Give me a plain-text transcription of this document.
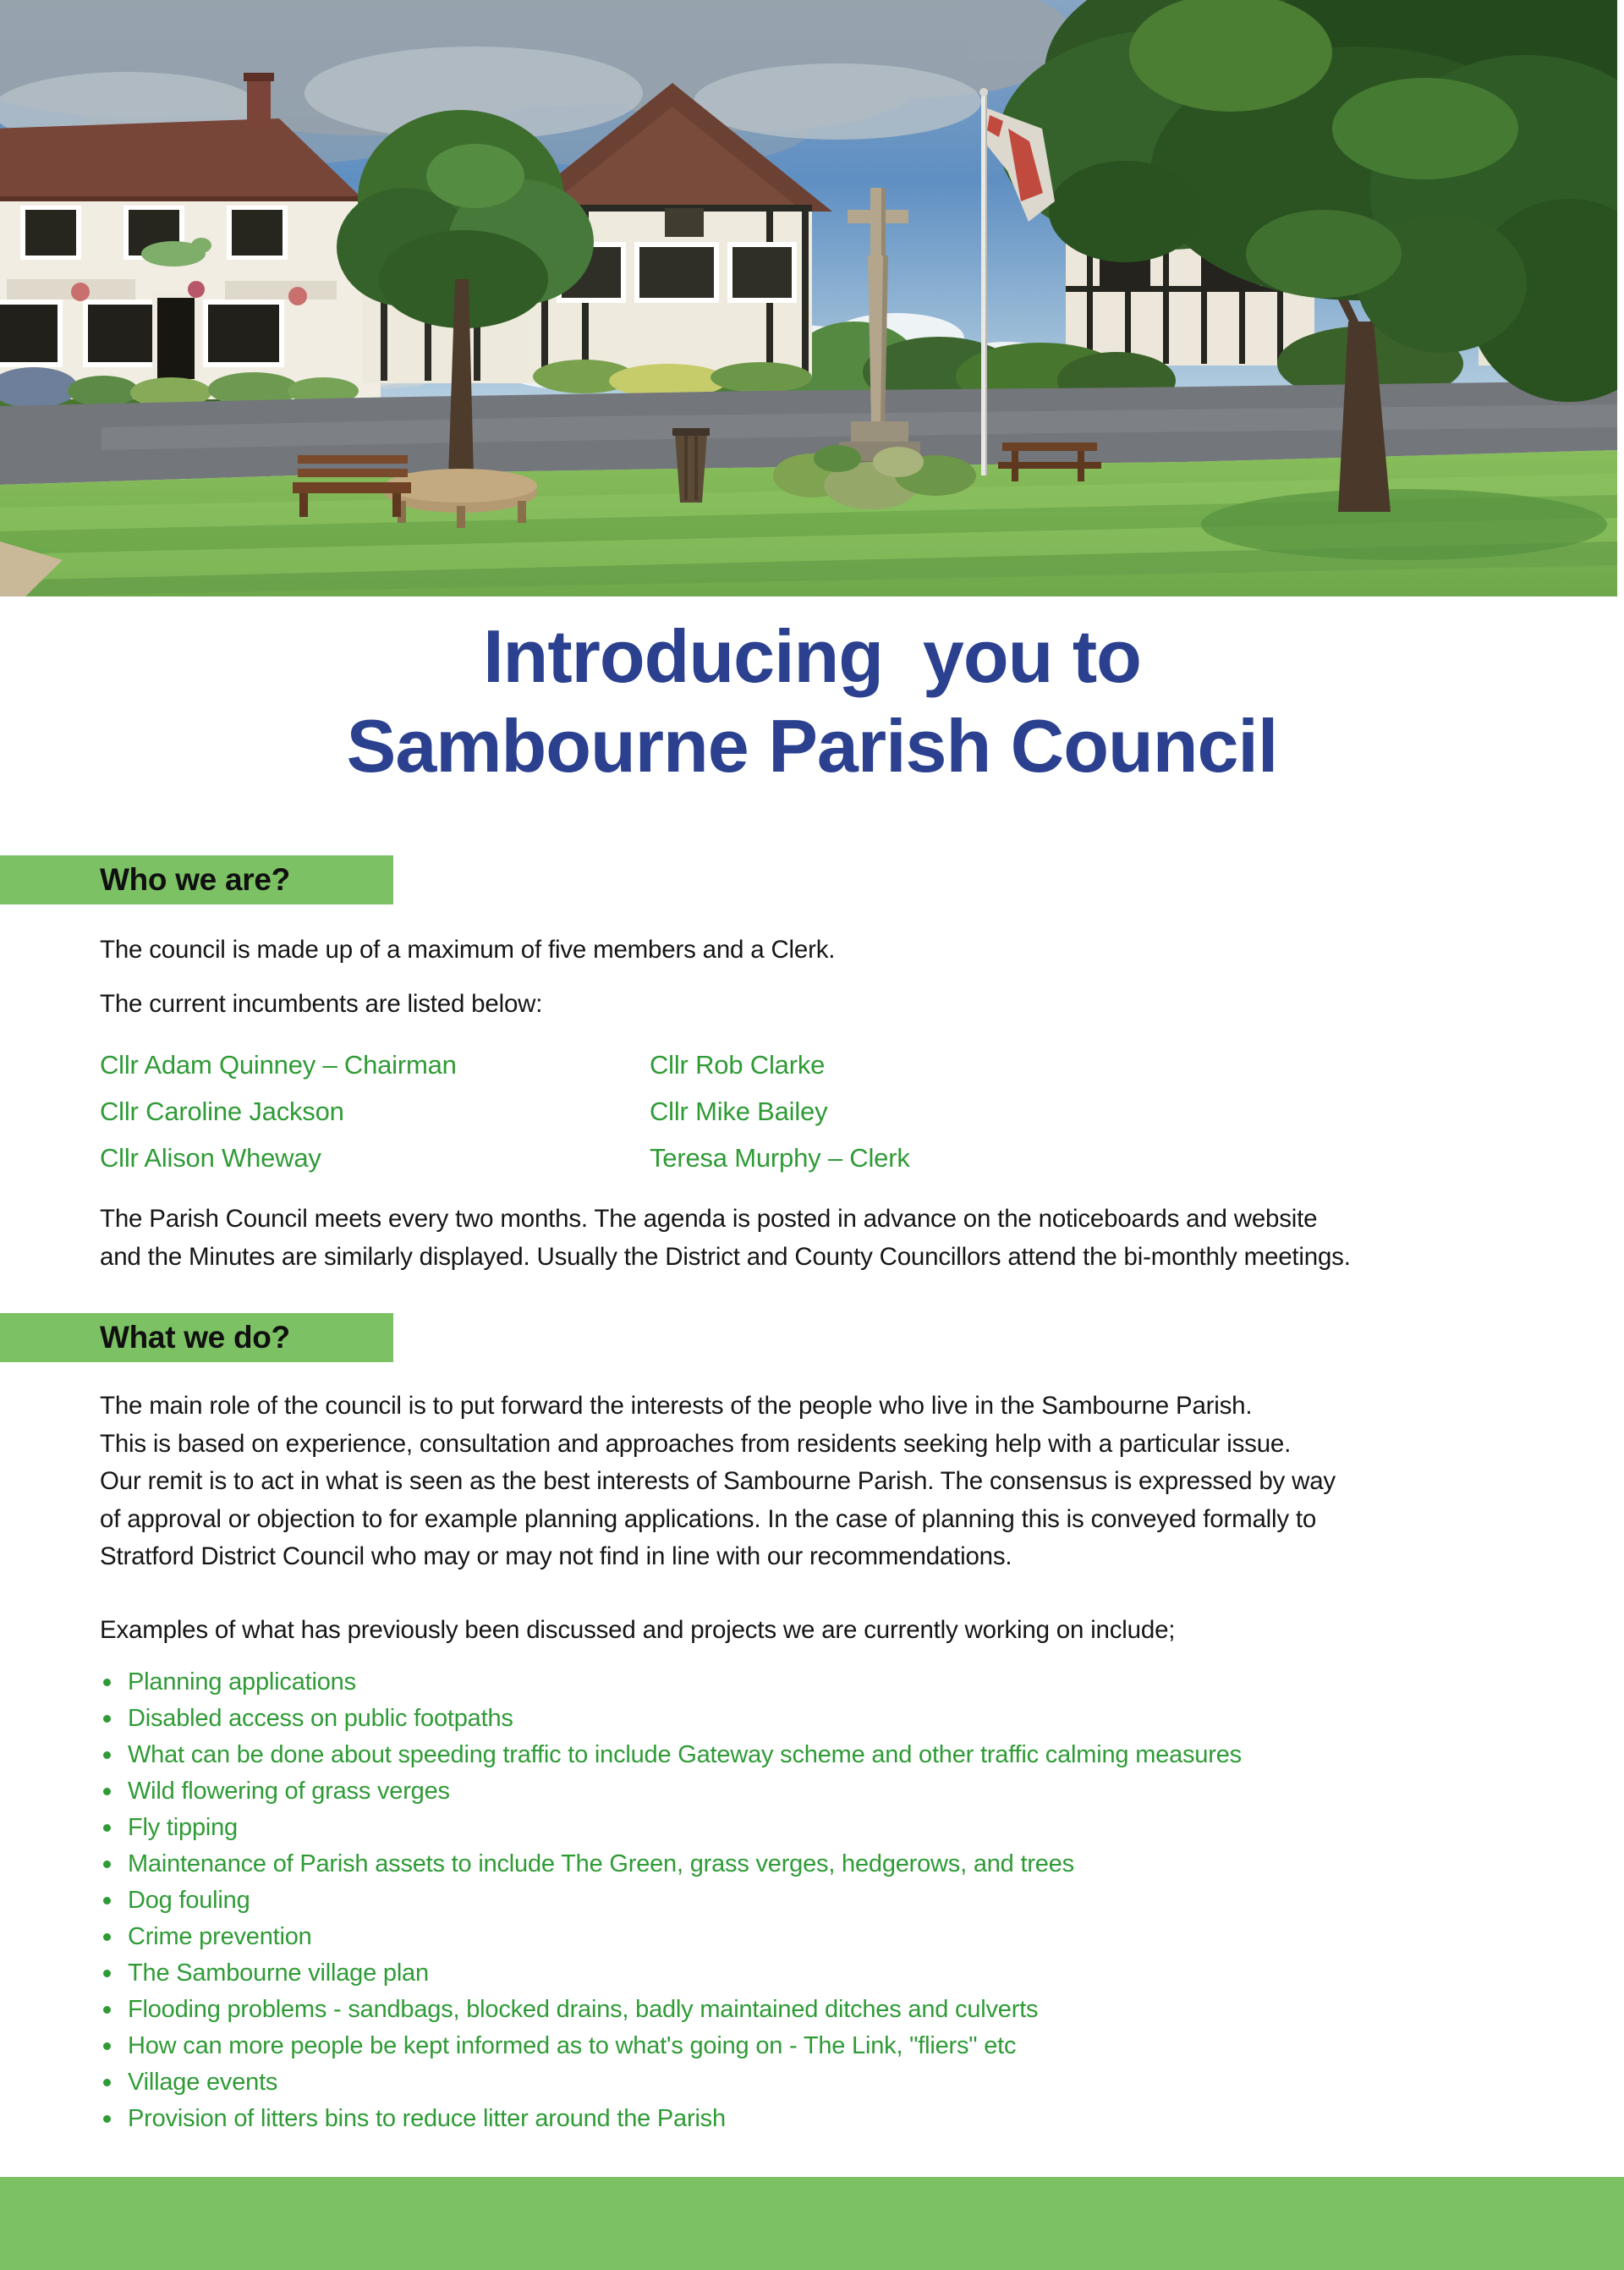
Introducing  you to
Sambourne Parish Council
Who we are?
The council is made up of a maximum of five members and a Clerk.
The current incumbents are listed below:
Cllr Adam Quinney – Chairman
Cllr Caroline Jackson
Cllr Alison Wheway
Cllr Rob Clarke
Cllr Mike Bailey
Teresa Murphy – Clerk
The Parish Council meets every two months. The agenda is posted in advance on the noticeboards and website
and the Minutes are similarly displayed. Usually the District and County Councillors attend the bi-monthly meetings.
What we do?
The main role of the council is to put forward the interests of the people who live in the Sambourne Parish.
This is based on experience, consultation and approaches from residents seeking help with a particular issue.
Our remit is to act in what is seen as the best interests of Sambourne Parish. The consensus is expressed by way
of approval or objection to for example planning applications. In the case of planning this is conveyed formally to
Stratford District Council who may or may not find in line with our recommendations.
Examples of what has previously been discussed and projects we are currently working on include;
Planning applications
Disabled access on public footpaths
What can be done about speeding traffic to include Gateway scheme and other traffic calming measures
Wild flowering of grass verges
Fly tipping
Maintenance of Parish assets to include The Green, grass verges, hedgerows, and trees
Dog fouling
Crime prevention
The Sambourne village plan
Flooding problems - sandbags, blocked drains, badly maintained ditches and culverts
How can more people be kept informed as to what's going on - The Link, "fliers" etc
Village events
Provision of litters bins to reduce litter around the Parish
